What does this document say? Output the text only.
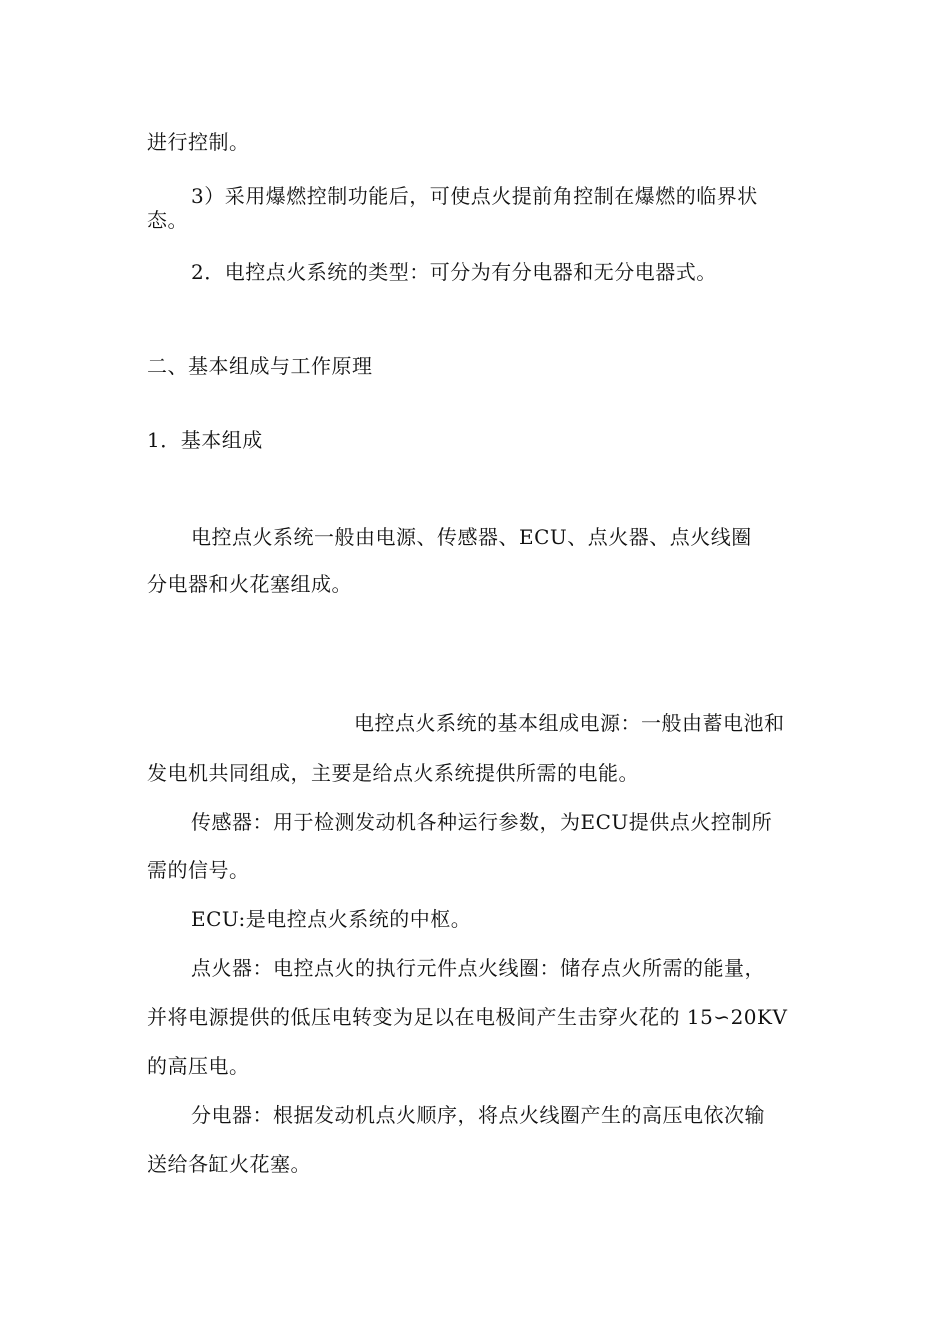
进行控制。
3）采用爆燃控制功能后，可使点火提前角控制在爆燃的临界状
态。
2．电控点火系统的类型：可分为有分电器和无分电器式。
二、基本组成与工作原理
1．基本组成
电控点火系统一般由电源、传感器、ECU、点火器、点火线圈
分电器和火花塞组成。
电控点火系统的基本组成电源：一般由蓄电池和
发电机共同组成，主要是给点火系统提供所需的电能。
传感器：用于检测发动机各种运行参数，为ECU提供点火控制所
需的信号。
ECU:是电控点火系统的中枢。
点火器：电控点火的执行元件点火线圈：储存点火所需的能量，
并将电源提供的低压电转变为足以在电极间产生击穿火花的 15∽20KV
的高压电。
分电器：根据发动机点火顺序，将点火线圈产生的高压电依次输
送给各缸火花塞。
